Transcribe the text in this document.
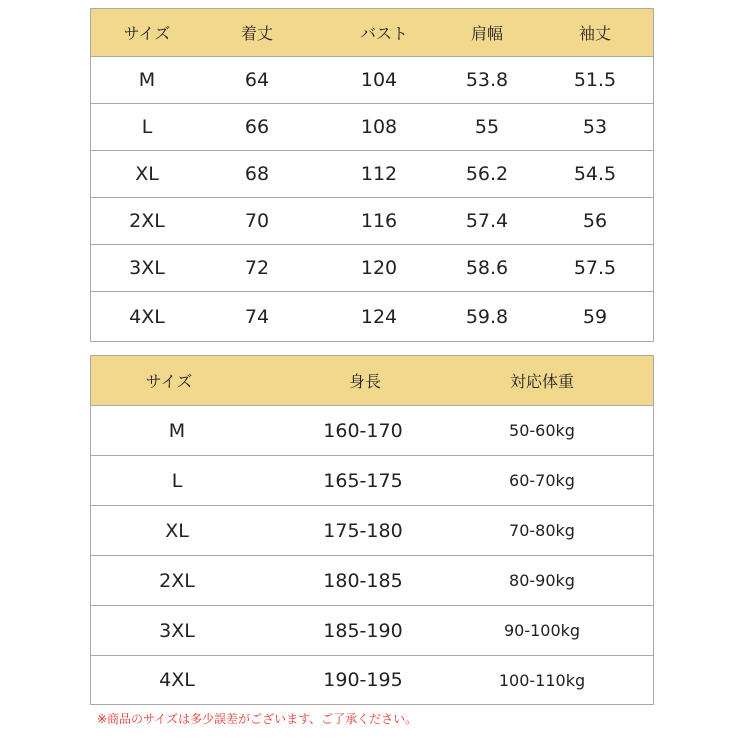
サイズ	着丈	バスト	肩幅	袖丈
M	64	104	53.8	51.5
L	66	108	55	53
XL	68	112	56.2	54.5
2XL	70	116	57.4	56
3XL	72	120	58.6	57.5
4XL	74	124	59.8	59
サイズ	身長	対応体重
M	160-170	50-60kg
L	165-175	60-70kg
XL	175-180	70-80kg
2XL	180-185	80-90kg
3XL	185-190	90-100kg
4XL	190-195	100-110kg
※商品のサイズは多少誤差がございます、ご了承ください。
